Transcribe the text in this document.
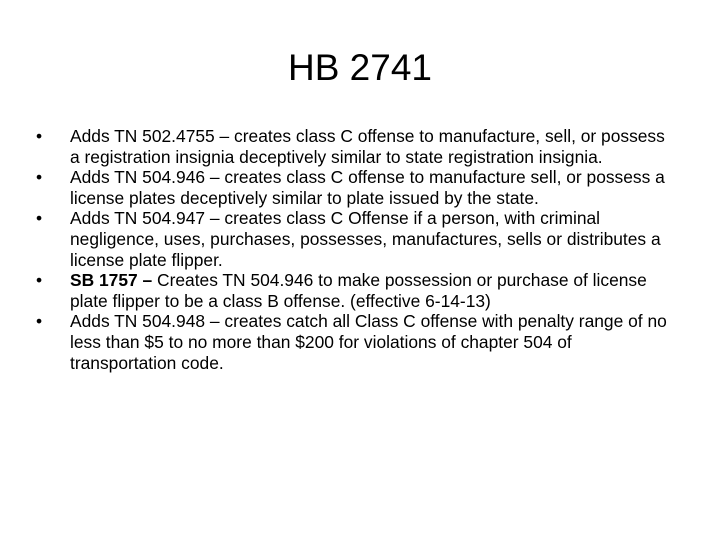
HB 2741
•	Adds TN 502.4755 – creates class C offense to manufacture, sell, or possess a registration insignia deceptively similar to state registration insignia.
•	Adds TN 504.946 – creates class C offense to manufacture sell, or possess a license plates deceptively similar to plate issued by the state.
•	Adds TN 504.947 – creates class C Offense if a person, with criminal negligence, uses, purchases, possesses, manufactures, sells or distributes a license plate flipper.
•	SB 1757 – Creates TN 504.946 to make possession or purchase of license plate flipper to be a class B offense. (effective 6-14-13)
•	Adds TN 504.948 – creates catch all Class C offense with penalty range of no less than $5 to no more than $200 for violations of chapter 504 of transportation code.
